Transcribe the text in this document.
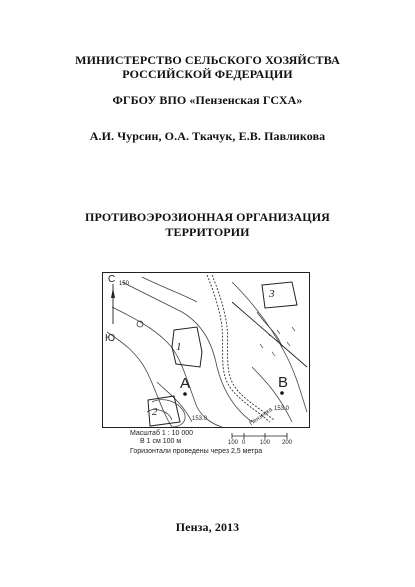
МИНИСТЕРСТВО СЕЛЬСКОГО ХОЗЯЙСТВА
РОССИЙСКОЙ ФЕДЕРАЦИИ
ФГБОУ ВПО «Пензенская ГСХА»
А.И. Чурсин, О.А. Ткачук, Е.В. Павликова
ПРОТИВОЭРОЗИОННАЯ ОРГАНИЗАЦИЯ
ТЕРРИТОРИИ
С 150
Ю
1
2
3
А	В
153.0
153.0
Пензенка
Масштаб 1 : 10 000
В 1 см 100 м	100 0 100 200
Горизонтали проведены через 2,5 метра
Пенза, 2013
